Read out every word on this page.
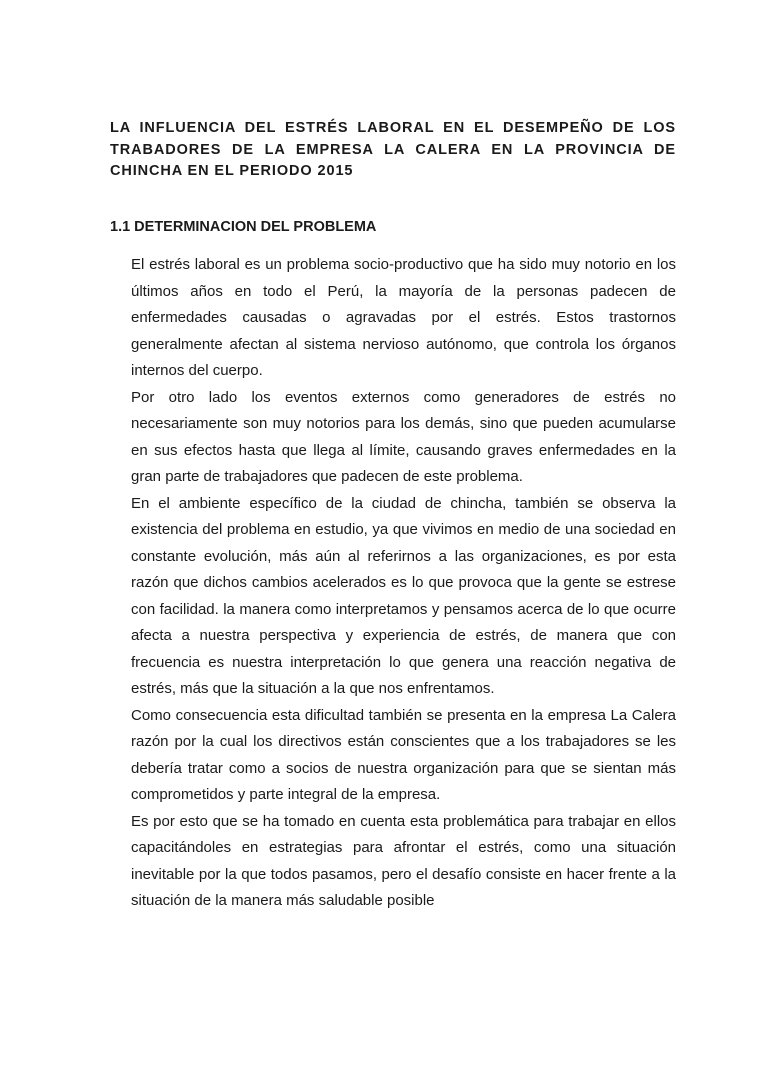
LA INFLUENCIA DEL ESTRÉS LABORAL EN EL DESEMPEÑO DE LOS TRABADORES DE LA EMPRESA LA CALERA EN LA PROVINCIA DE CHINCHA EN EL PERIODO 2015
1.1 DETERMINACION DEL PROBLEMA

El estrés laboral es un problema socio-productivo que ha sido muy notorio en los últimos años en todo el Perú, la mayoría de la personas padecen de enfermedades causadas o agravadas por el estrés. Estos trastornos generalmente afectan al sistema nervioso autónomo, que controla los órganos internos del cuerpo.

Por otro lado los eventos externos como generadores de estrés no necesariamente son muy notorios para los demás, sino que pueden acumularse en sus efectos hasta que llega al límite, causando graves enfermedades en la gran parte de trabajadores que padecen de este problema.

En el ambiente específico de la ciudad de chincha, también se observa la existencia del problema en estudio, ya que vivimos en medio de una sociedad en constante evolución, más aún al referirnos a las organizaciones, es por esta razón que dichos cambios acelerados es lo que provoca que la gente se estrese con facilidad. la manera como interpretamos y pensamos acerca de lo que ocurre afecta a nuestra perspectiva y experiencia de estrés, de manera que con frecuencia es nuestra interpretación lo que genera una reacción negativa de estrés, más que la situación a la que nos enfrentamos.

Como consecuencia esta dificultad también se presenta en la empresa La Calera razón por la cual los directivos están conscientes que a los trabajadores se les debería tratar como a socios de nuestra organización para que se sientan más comprometidos y parte integral de la empresa.

Es por esto que se ha tomado en cuenta esta problemática para trabajar en ellos capacitándoles en estrategias para afrontar el estrés, como una situación inevitable por la que todos pasamos, pero el desafío consiste en hacer frente a la situación de la manera más saludable posible
